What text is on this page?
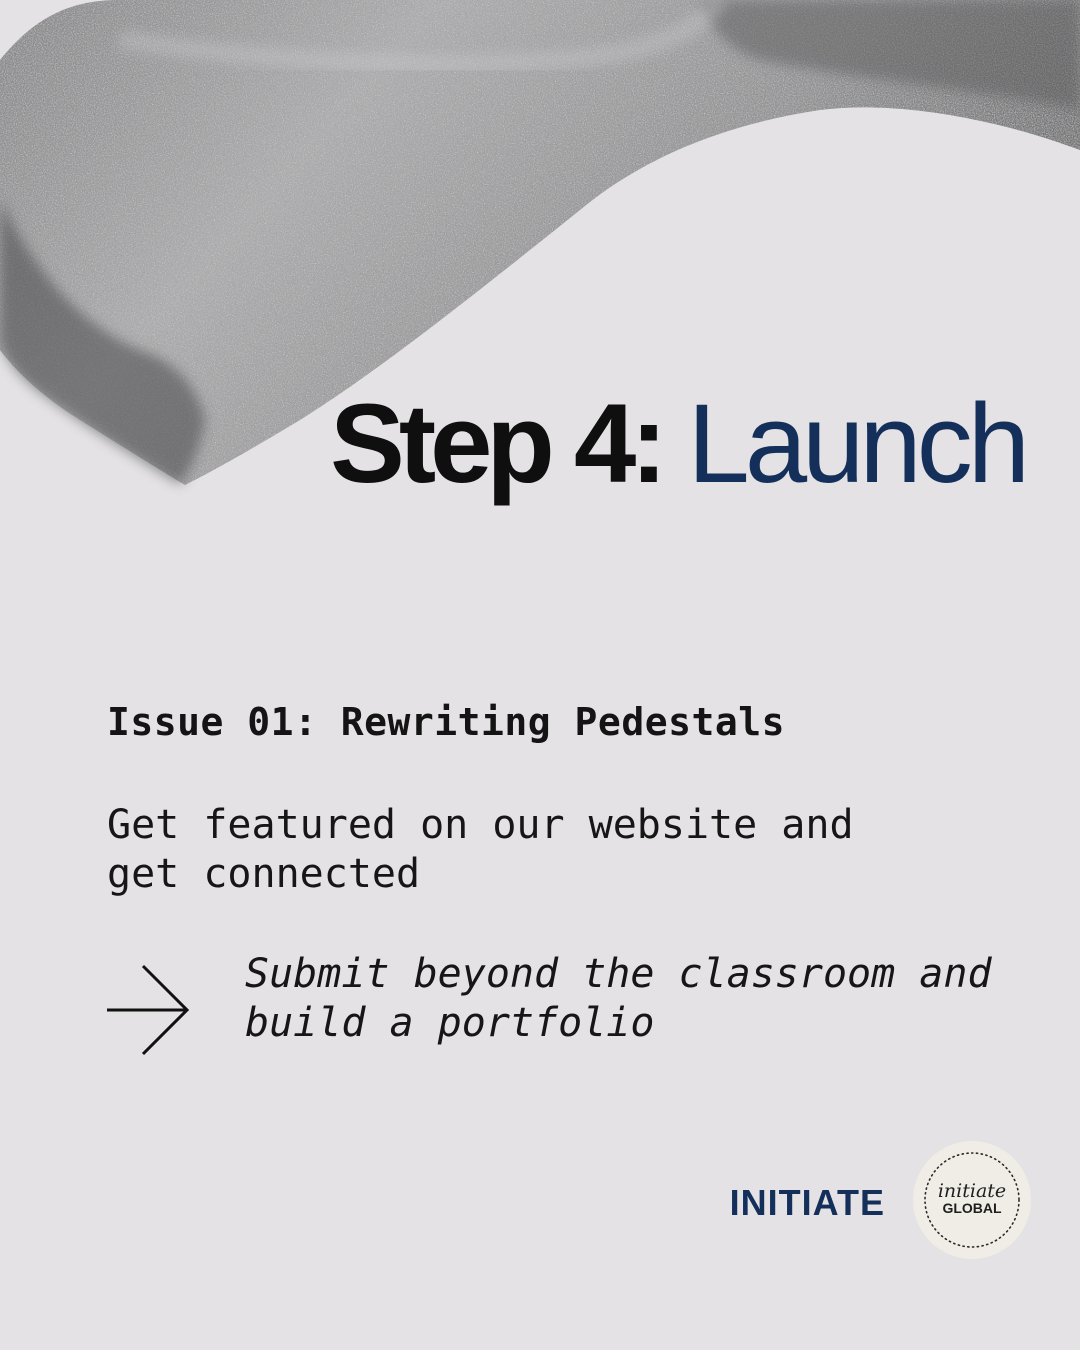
Step 4: Launch

Issue 01: Rewriting Pedestals

Get featured on our website and get connected

Submit beyond the classroom and build a portfolio

INITIATE	initiate
GLOBAL
